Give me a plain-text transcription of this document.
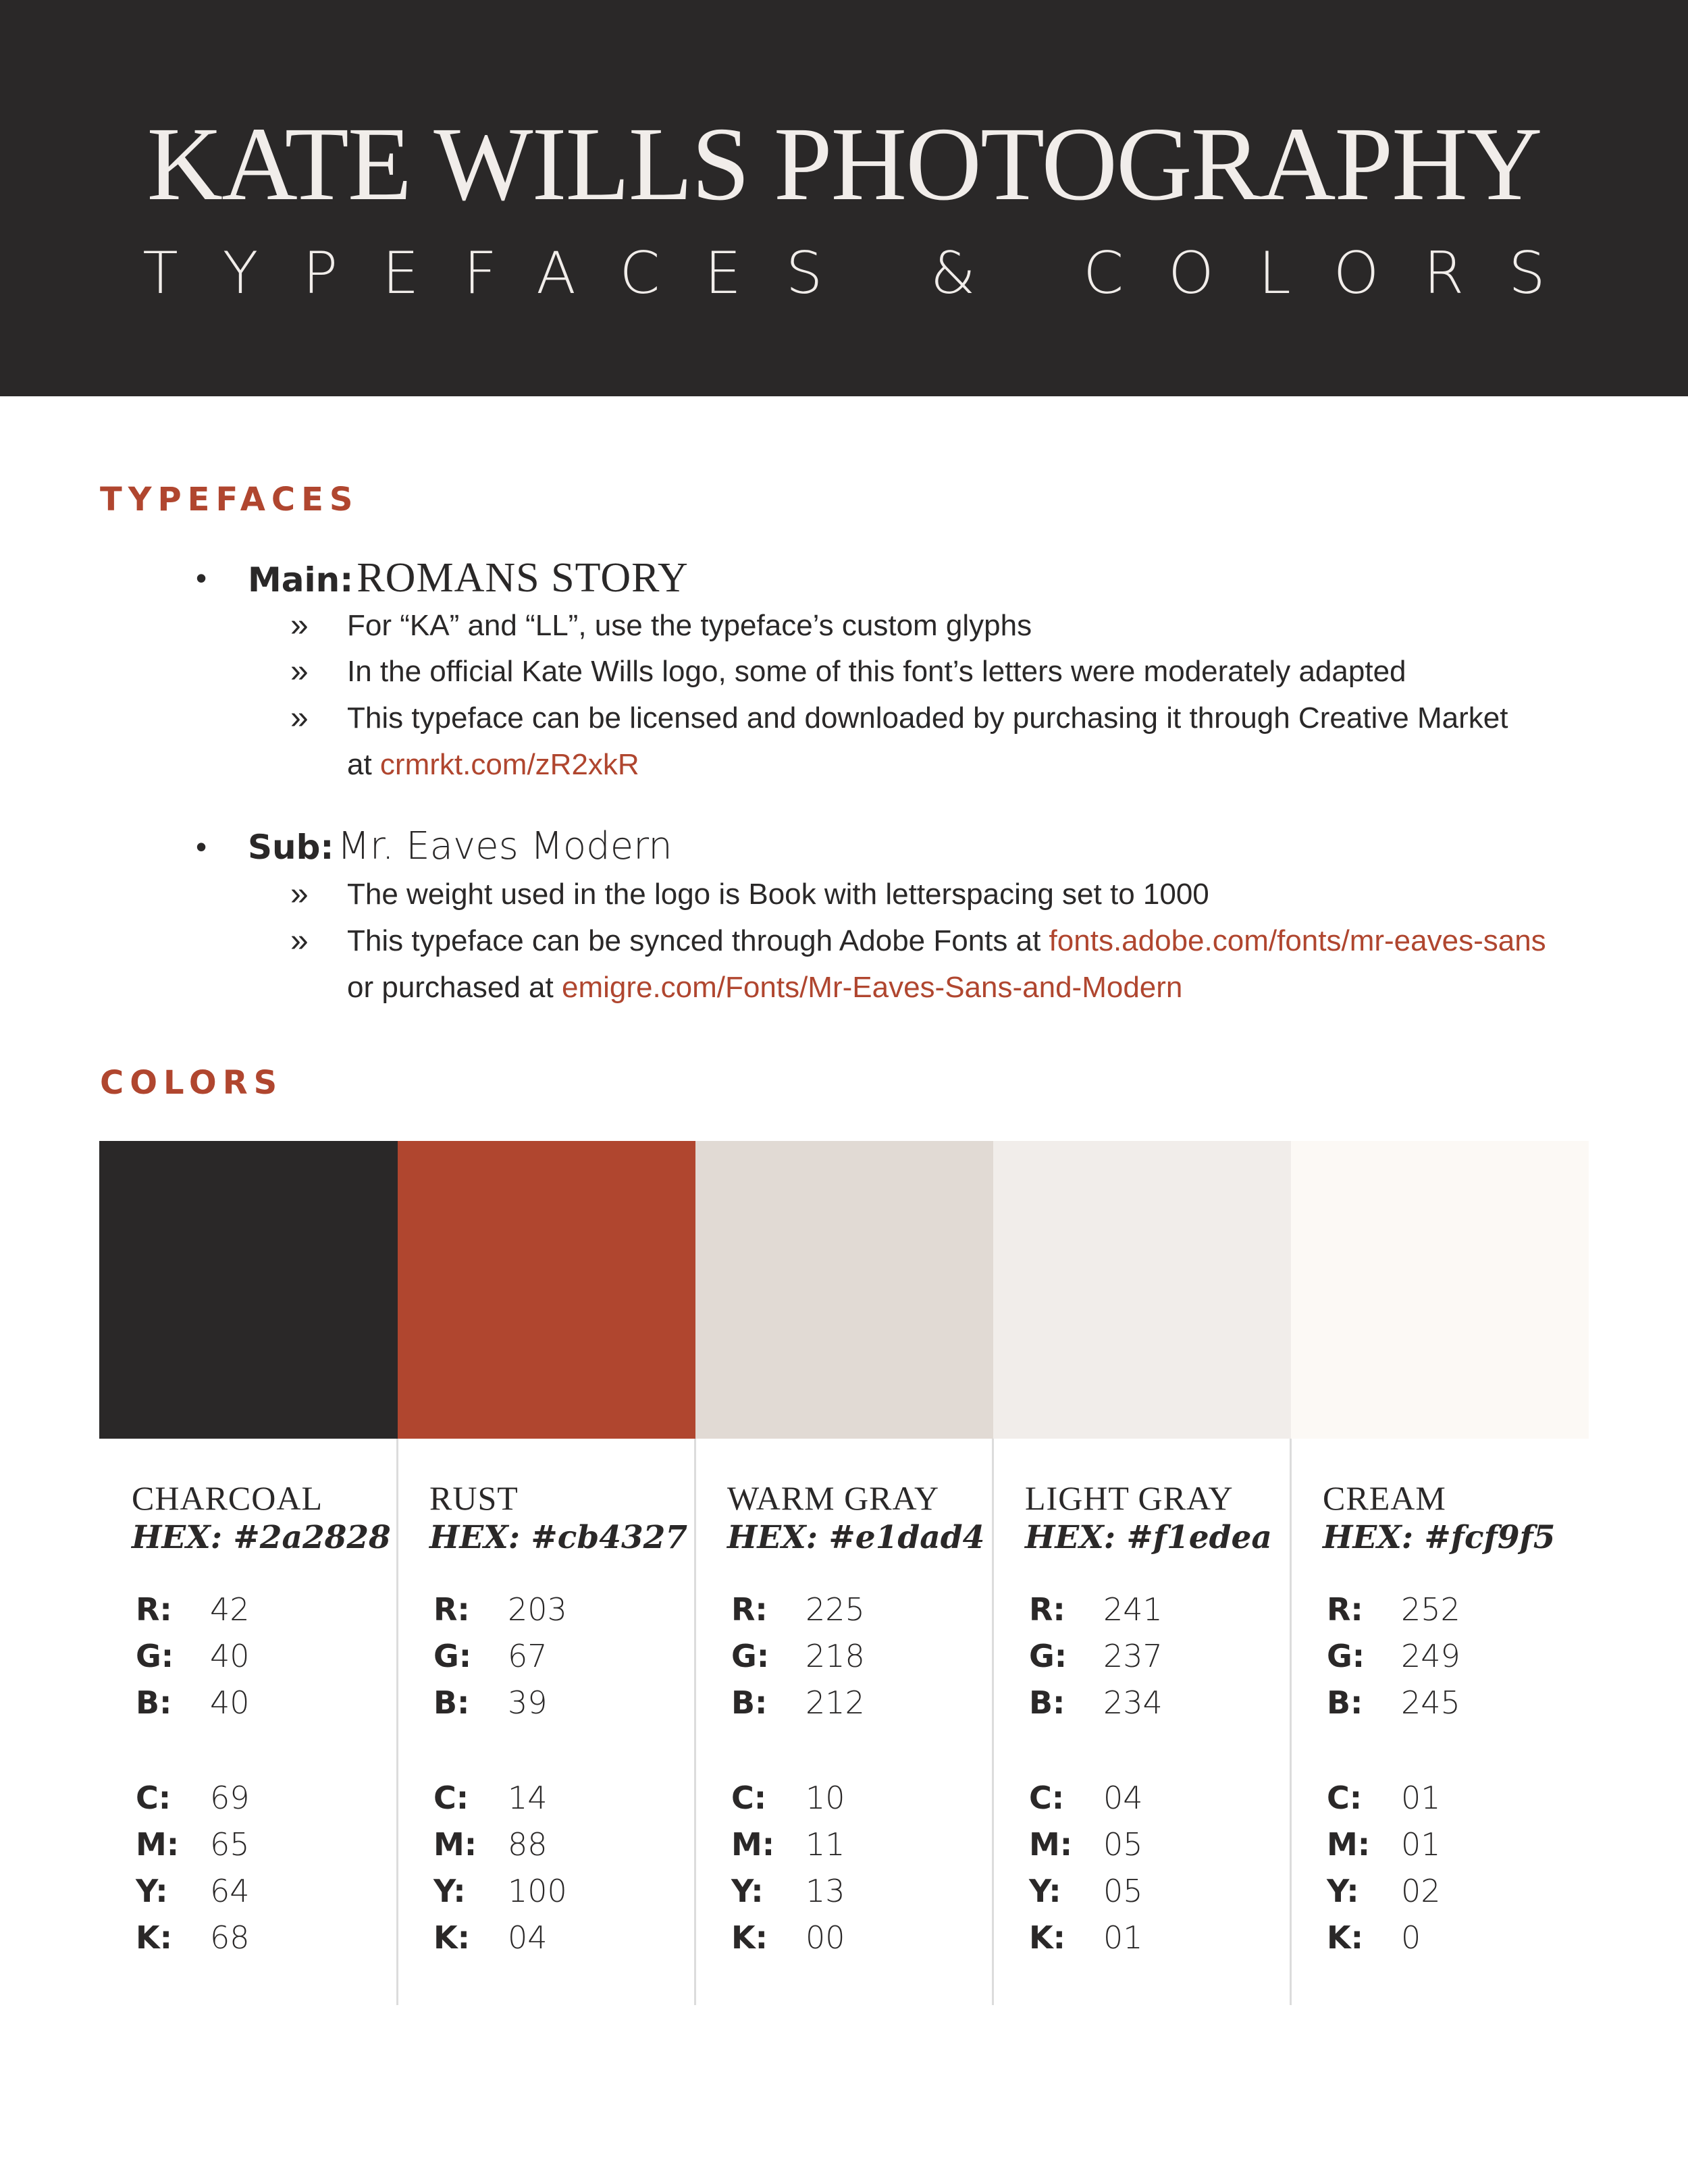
KATE WILLS PHOTOGRAPHY
TYPEFACES & COLORS
TYPEFACES
• Main: ROMANS STORY
» For “KA” and “LL”, use the typeface’s custom glyphs
» In the official Kate Wills logo, some of this font’s letters were moderately adapted
» This typeface can be licensed and downloaded by purchasing it through Creative Market
at crmrkt.com/zR2xkR
• Sub: Mr. Eaves Modern
» The weight used in the logo is Book with letterspacing set to 1000
» This typeface can be synced through Adobe Fonts at fonts.adobe.com/fonts/mr-eaves-sans
or purchased at emigre.com/Fonts/Mr-Eaves-Sans-and-Modern
COLORS
CHARCOAL
HEX: #2a2828
R: 42
G: 40
B: 40
C: 69
M: 65
Y: 64
K: 68
RUST
HEX: #cb4327
R: 203
G: 67
B: 39
C: 14
M: 88
Y: 100
K: 04
WARM GRAY
HEX: #e1dad4
R: 225
G: 218
B: 212
C: 10
M: 11
Y: 13
K: 00
LIGHT GRAY
HEX: #f1edea
R: 241
G: 237
B: 234
C: 04
M: 05
Y: 05
K: 01
CREAM
HEX: #fcf9f5
R: 252
G: 249
B: 245
C: 01
M: 01
Y: 02
K: 0
